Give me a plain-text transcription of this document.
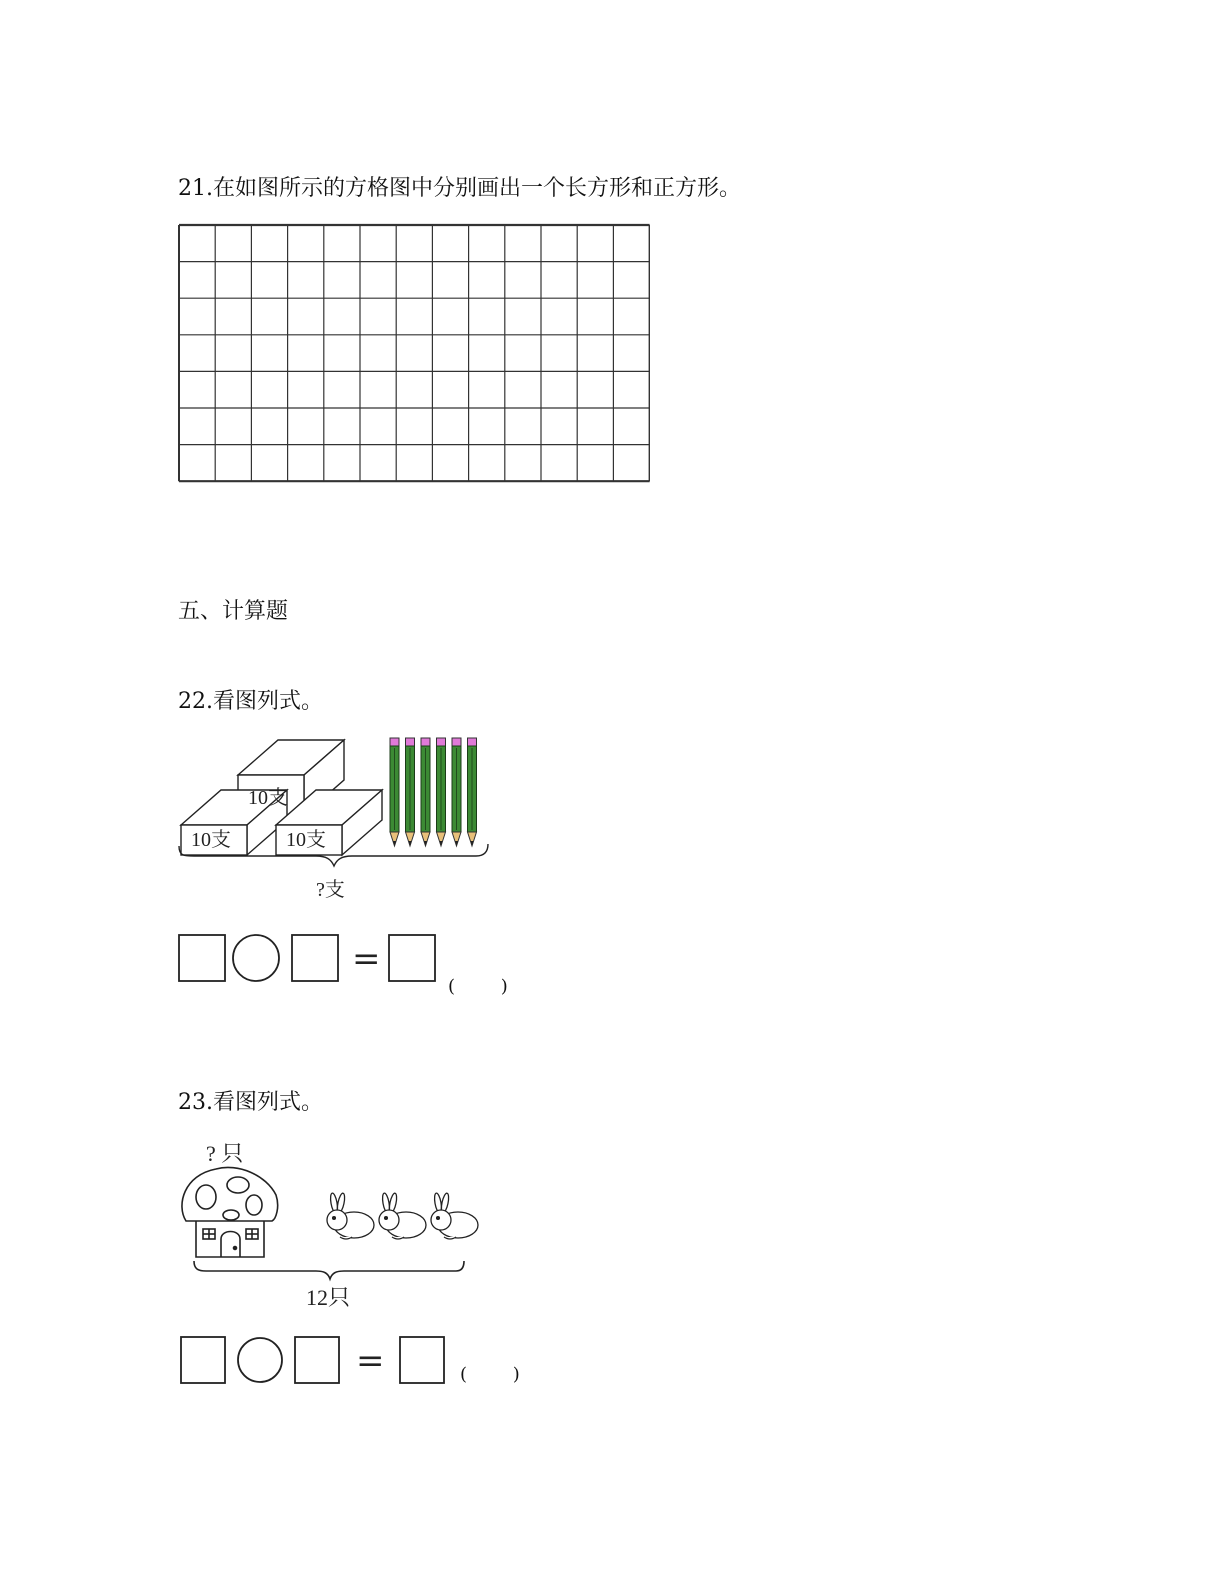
21.在如图所示的方格图中分别画出一个长方形和正方形。
五、计算题
22.看图列式。
10支
10支	10支
?支
=
(        )
23.看图列式。
? 只
12只
=	(        )
